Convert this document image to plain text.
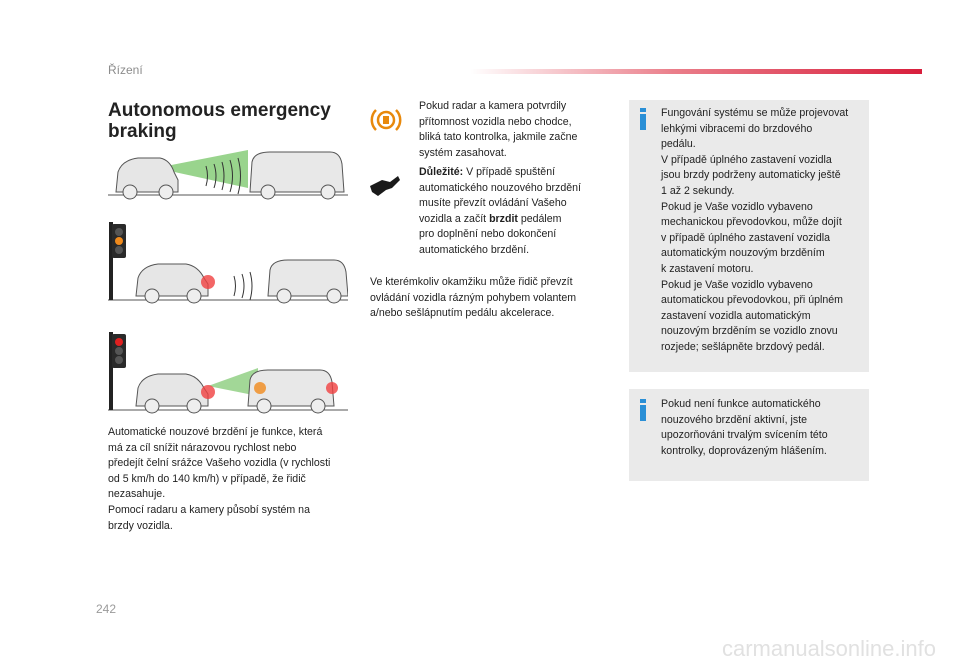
Řízení
Autonomous emergency
braking
Automatické nouzové brzdění je funkce, která
má za cíl snížit nárazovou rychlost nebo
předejít čelní srážce Vašeho vozidla (v rychlosti
od 5 km/h do 140 km/h) v případě, že řidič
nezasahuje.
Pomocí radaru a kamery působí systém na
brzdy vozidla.
Pokud radar a kamera potvrdily
přítomnost vozidla nebo chodce,
bliká tato kontrolka, jakmile začne
systém zasahovat.
Důležité: V případě spuštění
automatického nouzového brzdění
musíte převzít ovládání Vašeho
vozidla a začít brzdit pedálem
pro doplnění nebo dokončení
automatického brzdění.
Ve kterémkoliv okamžiku může řidič převzít
ovládání vozidla rázným pohybem volantem
a/nebo sešlápnutím pedálu akcelerace.
Fungování systému se může projevovat
lehkými vibracemi do brzdového
pedálu.
V případě úplného zastavení vozidla
jsou brzdy podrženy automaticky ještě
1 až 2 sekundy.
Pokud je Vaše vozidlo vybaveno
mechanickou převodovkou, může dojít
v případě úplného zastavení vozidla
automatickým nouzovým brzděním
k zastavení motoru.
Pokud je Vaše vozidlo vybaveno
automatickou převodovkou, při úplném
zastavení vozidla automatickým
nouzovým brzděním se vozidlo znovu
rozjede; sešlápněte brzdový pedál.
Pokud není funkce automatického
nouzového brzdění aktivní, jste
upozorňováni trvalým svícením této
kontrolky, doprovázeným hlášením.
242
carmanualsonline.info
